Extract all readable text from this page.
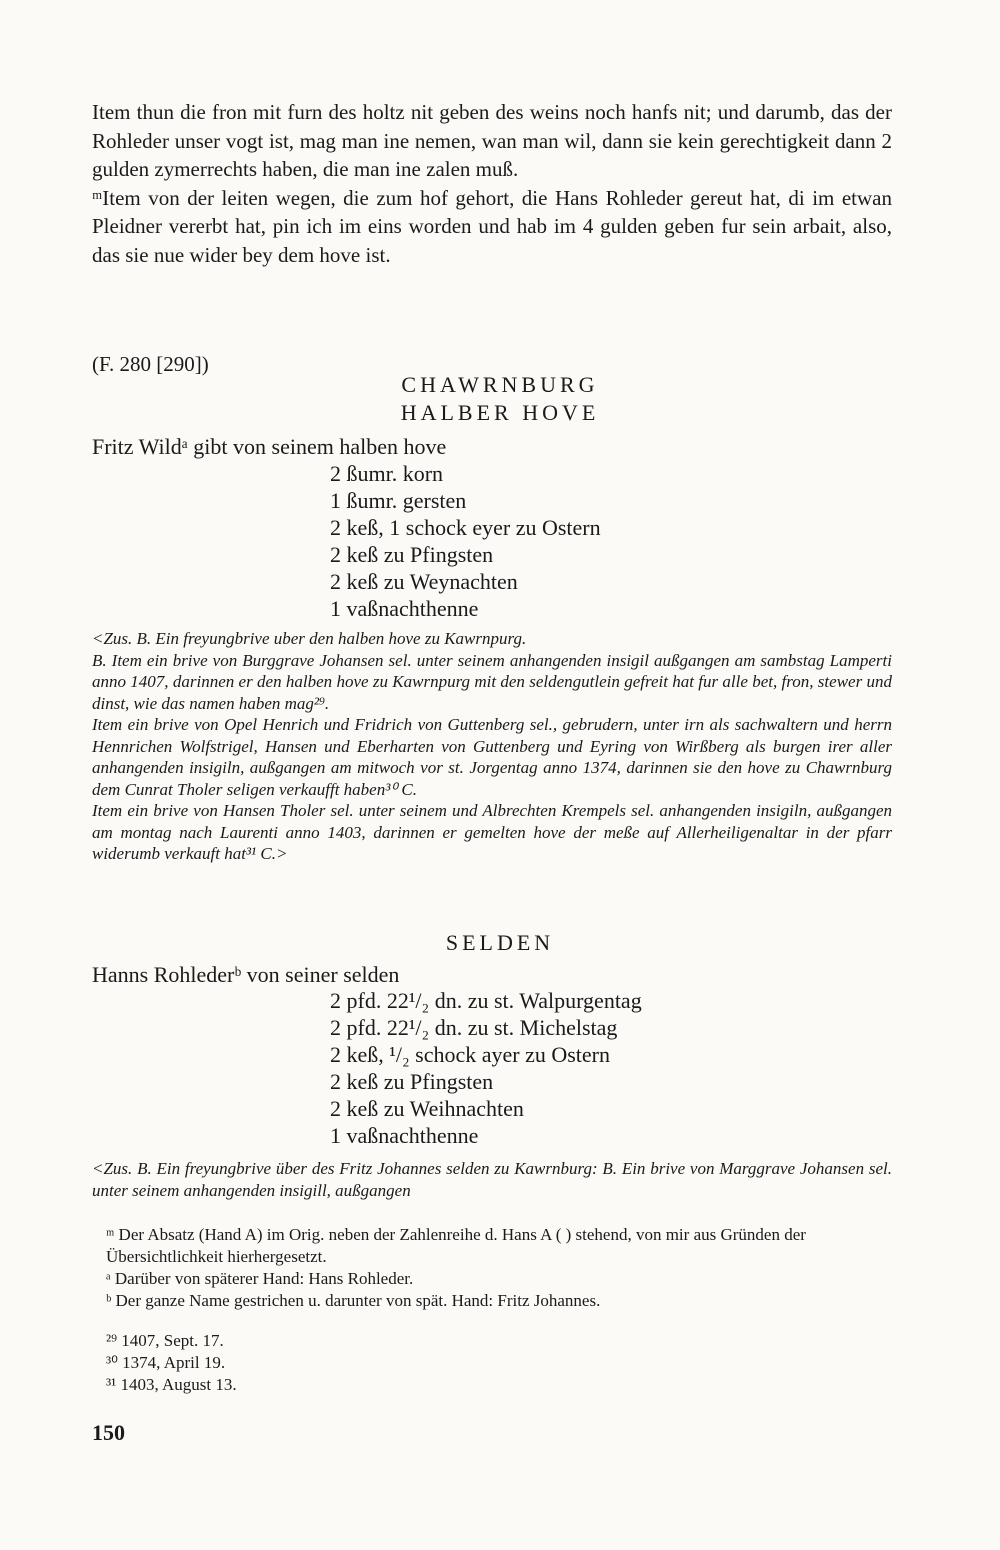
Item thun die fron mit furn des holtz nit geben des weins noch hanfs nit; und darumb, das der Rohleder unser vogt ist, mag man ine nemen, wan man wil, dann sie kein gerechtigkeit dann 2 gulden zymerrechts haben, die man ine zalen muß.

ᵐItem von der leiten wegen, die zum hof gehort, die Hans Rohleder gereut hat, di im etwan Pleidner vererbt hat, pin ich im eins worden und hab im 4 gulden geben fur sein arbait, also, das sie nue wider bey dem hove ist.

(F. 280 [290])
CHAWRNBURG
HALBER HOVE
Fritz Wildᵃ gibt von seinem halben hove
2 ßumr. korn
1 ßumr. gersten
2 keß, 1 schock eyer zu Ostern
2 keß zu Pfingsten
2 keß zu Weynachten
1 vaßnachthenne

<Zus. B. Ein freyungbrive uber den halben hove zu Kawrnpurg.

B. Item ein brive von Burggrave Johansen sel. unter seinem anhangenden insigil außgangen am sambstag Lamperti anno 1407, darinnen er den halben hove zu Kawrnpurg mit den seldengutlein gefreit hat fur alle bet, fron, stewer und dinst, wie das namen haben mag²⁹.

Item ein brive von Opel Henrich und Fridrich von Guttenberg sel., gebrudern, unter irn als sachwaltern und herrn Hennrichen Wolfstrigel, Hansen und Eberharten von Guttenberg und Eyring von Wirßberg als burgen irer aller anhangenden insigiln, außgangen am mitwoch vor st. Jorgentag anno 1374, darinnen sie den hove zu Chawrnburg dem Cunrat Tholer seligen verkaufft haben³⁰ C.

Item ein brive von Hansen Tholer sel. unter seinem und Albrechten Krempels sel. anhangenden insigiln, außgangen am montag nach Laurenti anno 1403, darinnen er gemelten hove der meße auf Allerheiligenaltar in der pfarr widerumb verkauft hat³¹ C.>

SELDEN
Hanns Rohlederᵇ von seiner selden
2 pfd. 22¹/₂ dn. zu st. Walpurgentag
2 pfd. 22¹/₂ dn. zu st. Michelstag
2 keß, ¹/₂ schock ayer zu Ostern
2 keß zu Pfingsten
2 keß zu Weihnachten
1 vaßnachthenne

<Zus. B. Ein freyungbrive über des Fritz Johannes selden zu Kawrnburg: B. Ein brive von Marggrave Johansen sel. unter seinem anhangenden insigill, außgangen

ᵐ Der Absatz (Hand A) im Orig. neben der Zahlenreihe d. Hans A ( ) stehend, von mir aus Gründen der Übersichtlichkeit hierhergesetzt.

ᵃ Darüber von späterer Hand: Hans Rohleder.

ᵇ Der ganze Name gestrichen u. darunter von spät. Hand: Fritz Johannes.

²⁹ 1407, Sept. 17.

³⁰ 1374, April 19.

³¹ 1403, August 13.

150
